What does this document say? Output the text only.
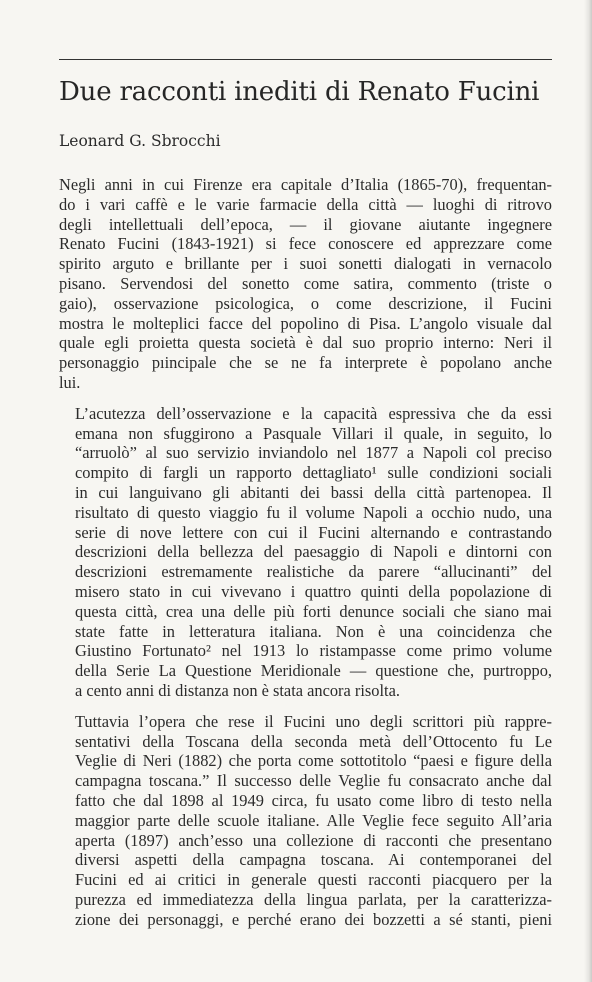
Due racconti inediti di Renato Fucini

Leonard G. Sbrocchi

Negli anni in cui Firenze era capitale d’Italia (1865-70), frequentan-
do i vari caffè e le varie farmacie della città — luoghi di ritrovo
degli intellettuali dell’epoca, — il giovane aiutante ingegnere
Renato Fucini (1843-1921) si fece conoscere ed apprezzare come
spirito arguto e brillante per i suoi sonetti dialogati in vernacolo
pisano. Servendosi del sonetto come satira, commento (triste o
gaio), osservazione psicologica, o come descrizione, il Fucini
mostra le molteplici facce del popolino di Pisa. L’angolo visuale dal
quale egli proietta questa società è dal suo proprio interno: Neri il
personaggio pıincipale che se ne fa interprete è popolano anche
lui.
L’acutezza dell’osservazione e la capacità espressiva che da essi
emana non sfuggirono a Pasquale Villari il quale, in seguito, lo
“arruolò” al suo servizio inviandolo nel 1877 a Napoli col preciso
compito di fargli un rapporto dettagliato¹ sulle condizioni sociali
in cui languivano gli abitanti dei bassi della città partenopea. Il
risultato di questo viaggio fu il volume Napoli a occhio nudo, una
serie di nove lettere con cui il Fucini alternando e contrastando
descrizioni della bellezza del paesaggio di Napoli e dintorni con
descrizioni estremamente realistiche da parere “allucinanti” del
misero stato in cui vivevano i quattro quinti della popolazione di
questa città, crea una delle più forti denunce sociali che siano mai
state fatte in letteratura italiana. Non è una coincidenza che
Giustino Fortunato² nel 1913 lo ristampasse come primo volume
della Serie La Questione Meridionale — questione che, purtroppo,
a cento anni di distanza non è stata ancora risolta.
Tuttavia l’opera che rese il Fucini uno degli scrittori più rappre-
sentativi della Toscana della seconda metà dell’Ottocento fu Le
Veglie di Neri (1882) che porta come sottotitolo “paesi e figure della
campagna toscana.” Il successo delle Veglie fu consacrato anche dal
fatto che dal 1898 al 1949 circa, fu usato come libro di testo nella
maggior parte delle scuole italiane. Alle Veglie fece seguito All’aria
aperta (1897) anch’esso una collezione di racconti che presentano
diversi aspetti della campagna toscana. Ai contemporanei del
Fucini ed ai critici in generale questi racconti piacquero per la
purezza ed immediatezza della lingua parlata, per la caratterizza-
zione dei personaggi, e perché erano dei bozzetti a sé stanti, pieni
